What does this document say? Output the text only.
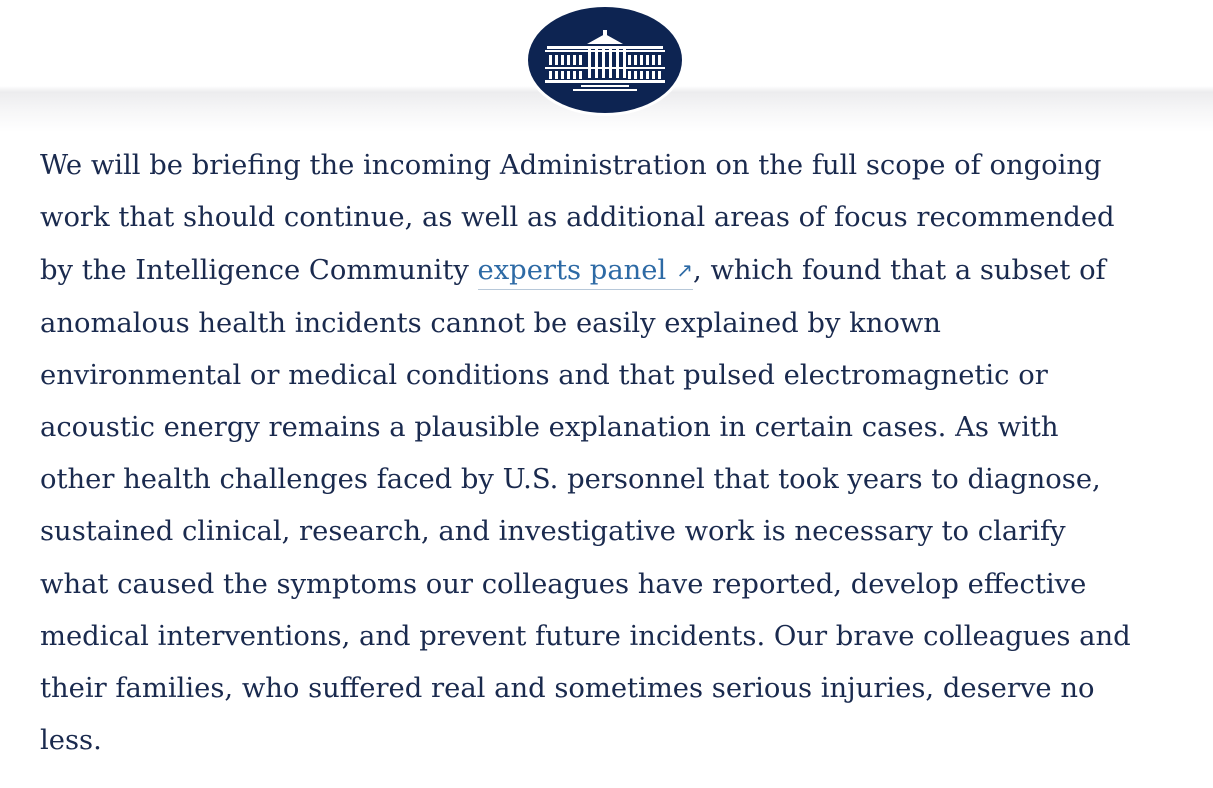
We will be briefing the incoming Administration on the full scope of ongoing
work that should continue, as well as additional areas of focus recommended
by the Intelligence Community experts panel ↗, which found that a subset of
anomalous health incidents cannot be easily explained by known
environmental or medical conditions and that pulsed electromagnetic or
acoustic energy remains a plausible explanation in certain cases. As with
other health challenges faced by U.S. personnel that took years to diagnose,
sustained clinical, research, and investigative work is necessary to clarify
what caused the symptoms our colleagues have reported, develop effective
medical interventions, and prevent future incidents. Our brave colleagues and
their families, who suffered real and sometimes serious injuries, deserve no
less.
